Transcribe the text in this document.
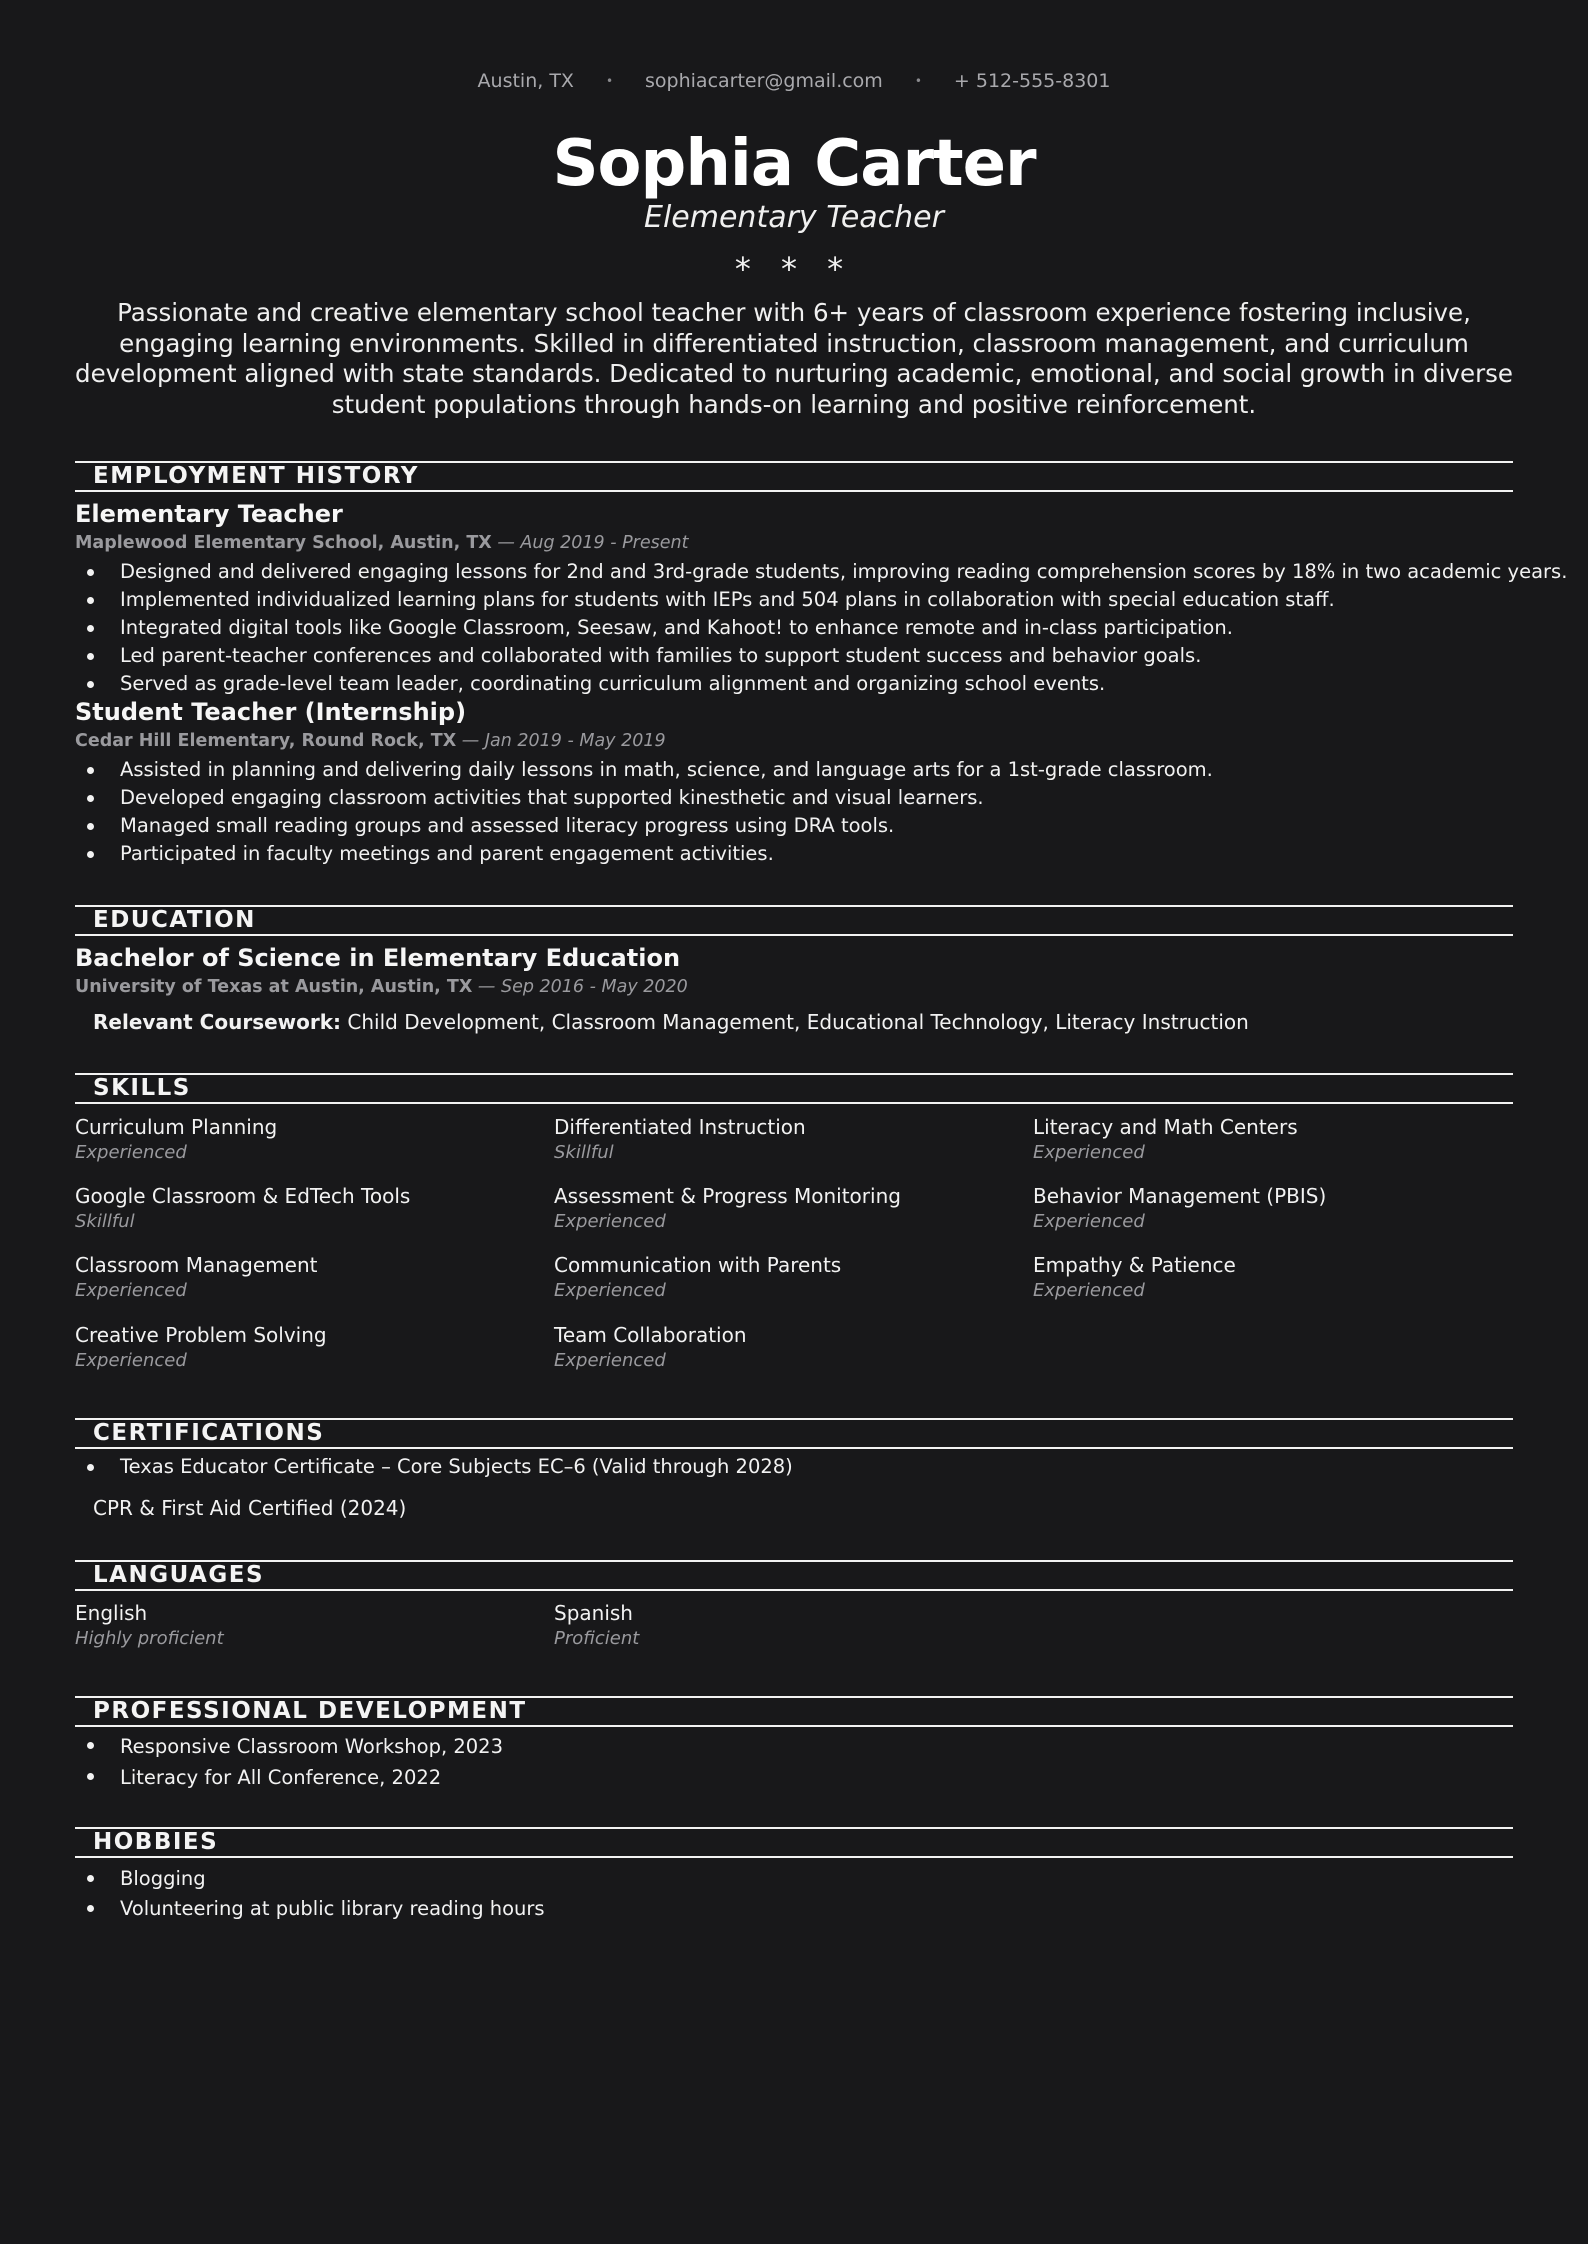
Austin, TX	• sophiacarter@gmail.com	• + 512-555-8301
Sophia Carter
Elementary Teacher
* * *
Passionate and creative elementary school teacher with 6+ years of classroom experience fostering inclusive, engaging learning environments. Skilled in differentiated instruction, classroom management, and curriculum development aligned with state standards. Dedicated to nurturing academic, emotional, and social growth in diverse student populations through hands-on learning and positive reinforcement.
EMPLOYMENT HISTORY
Elementary Teacher
Maplewood Elementary School, Austin, TX — Aug 2019 - Present
Designed and delivered engaging lessons for 2nd and 3rd-grade students, improving reading comprehension scores by 18% in two academic years.
Implemented individualized learning plans for students with IEPs and 504 plans in collaboration with special education staff.
Integrated digital tools like Google Classroom, Seesaw, and Kahoot! to enhance remote and in-class participation.
Led parent-teacher conferences and collaborated with families to support student success and behavior goals.
Served as grade-level team leader, coordinating curriculum alignment and organizing school events.
Student Teacher (Internship)
Cedar Hill Elementary, Round Rock, TX — Jan 2019 - May 2019
Assisted in planning and delivering daily lessons in math, science, and language arts for a 1st-grade classroom.
Developed engaging classroom activities that supported kinesthetic and visual learners.
Managed small reading groups and assessed literacy progress using DRA tools.
Participated in faculty meetings and parent engagement activities.
EDUCATION
Bachelor of Science in Elementary Education
University of Texas at Austin, Austin, TX — Sep 2016 - May 2020
Relevant Coursework: Child Development, Classroom Management, Educational Technology, Literacy Instruction
SKILLS
Curriculum Planning
Experienced
Differentiated Instruction
Skillful
Literacy and Math Centers
Experienced
Google Classroom & EdTech Tools
Skillful
Assessment & Progress Monitoring
Experienced
Behavior Management (PBIS)
Experienced
Classroom Management
Experienced
Communication with Parents
Experienced
Empathy & Patience
Experienced
Creative Problem Solving
Experienced
Team Collaboration
Experienced
CERTIFICATIONS
Texas Educator Certificate – Core Subjects EC–6 (Valid through 2028)
CPR & First Aid Certified (2024)
LANGUAGES
English
Highly proficient
Spanish
Proficient
PROFESSIONAL DEVELOPMENT
Responsive Classroom Workshop, 2023
Literacy for All Conference, 2022
HOBBIES
Blogging
Volunteering at public library reading hours
